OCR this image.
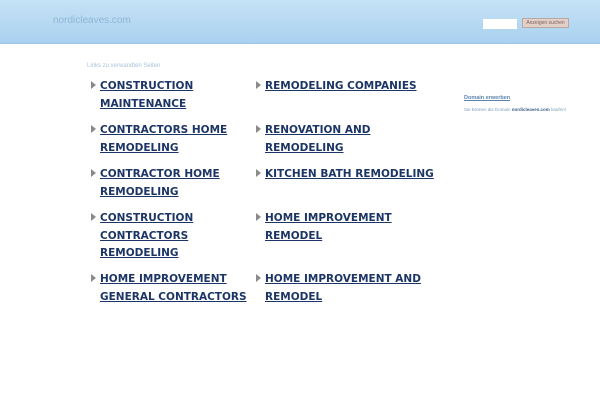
nordicleaves.com	Anzeigen suchen
Links zu verwandten Seiten
CONSTRUCTION MAINTENANCE
REMODELING COMPANIES
CONTRACTORS HOME REMODELING
RENOVATION AND REMODELING
CONTRACTOR HOME REMODELING
KITCHEN BATH REMODELING
CONSTRUCTION CONTRACTORS REMODELING
HOME IMPROVEMENT REMODEL
HOME IMPROVEMENT GENERAL CONTRACTORS
HOME IMPROVEMENT AND REMODEL
Domain erwerben
Sie können die Domain nordicleaves.com kaufen!
